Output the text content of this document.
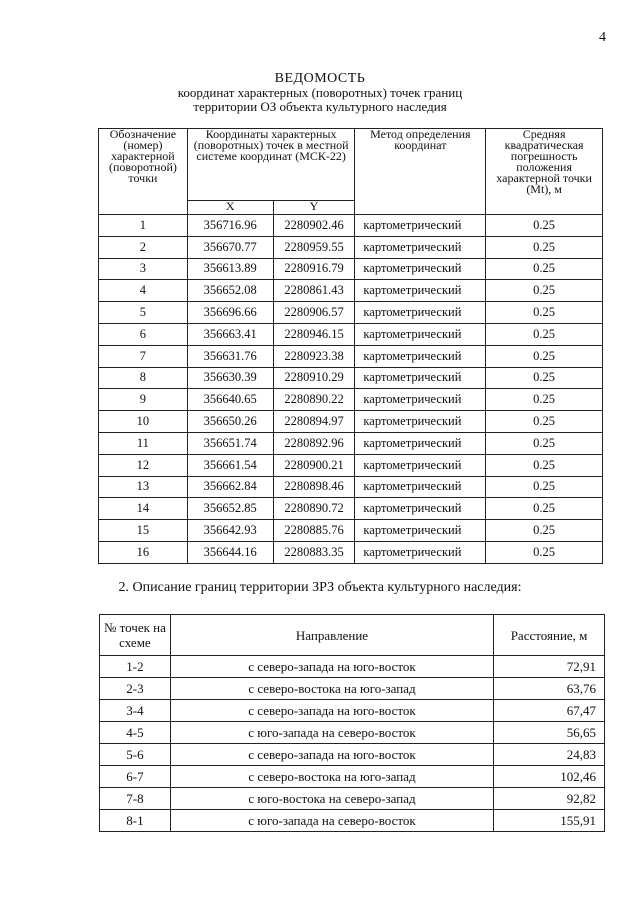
4
ВЕДОМОСТЬ
координат характерных (поворотных) точек границ
территории ОЗ объекта культурного наследия
Обозначение (номер) характерной (поворотной) точки	Координаты характерных (поворотных) точек в местной системе координат (МСК-22)		Метод определения координат	Средняя квадратическая погрешность положения характерной точки (Mt), м
	X	Y		
1	356716.96	2280902.46	картометрический	0.25
2	356670.77	2280959.55	картометрический	0.25
3	356613.89	2280916.79	картометрический	0.25
4	356652.08	2280861.43	картометрический	0.25
5	356696.66	2280906.57	картометрический	0.25
6	356663.41	2280946.15	картометрический	0.25
7	356631.76	2280923.38	картометрический	0.25
8	356630.39	2280910.29	картометрический	0.25
9	356640.65	2280890.22	картометрический	0.25
10	356650.26	2280894.97	картометрический	0.25
11	356651.74	2280892.96	картометрический	0.25
12	356661.54	2280900.21	картометрический	0.25
13	356662.84	2280898.46	картометрический	0.25
14	356652.85	2280890.72	картометрический	0.25
15	356642.93	2280885.76	картометрический	0.25
16	356644.16	2280883.35	картометрический	0.25
2. Описание границ территории ЗРЗ объекта культурного наследия:
№ точек на схеме	Направление	Расстояние, м
1-2	с северо-запада на юго-восток	72,91
2-3	с северо-востока на юго-запад	63,76
3-4	с северо-запада на юго-восток	67,47
4-5	с юго-запада на северо-восток	56,65
5-6	с северо-запада на юго-восток	24,83
6-7	с северо-востока на юго-запад	102,46
7-8	с юго-востока на северо-запад	92,82
8-1	с юго-запада на северо-восток	155,91
